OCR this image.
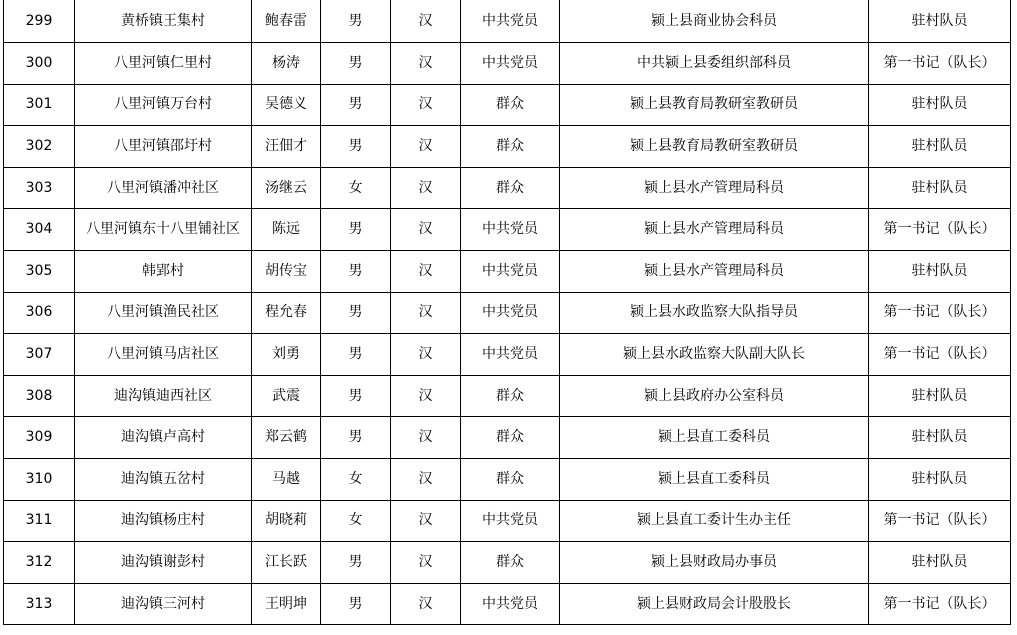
299	黄桥镇王集村	鲍春雷	男	汉	中共党员	颍上县商业协会科员	驻村队员
300	八里河镇仁里村	杨涛	男	汉	中共党员	中共颍上县委组织部科员	第一书记（队长）
301	八里河镇万台村	吴德义	男	汉	群众	颍上县教育局教研室教研员	驻村队员
302	八里河镇邵圩村	汪佃才	男	汉	群众	颍上县教育局教研室教研员	驻村队员
303	八里河镇潘冲社区	汤继云	女	汉	群众	颍上县水产管理局科员	驻村队员
304	八里河镇东十八里铺社区	陈远	男	汉	中共党员	颍上县水产管理局科员	第一书记（队长）
305	韩郢村	胡传宝	男	汉	中共党员	颍上县水产管理局科员	驻村队员
306	八里河镇渔民社区	程允春	男	汉	中共党员	颍上县水政监察大队指导员	第一书记（队长）
307	八里河镇马店社区	刘勇	男	汉	中共党员	颍上县水政监察大队副大队长	第一书记（队长）
308	迪沟镇迪西社区	武震	男	汉	群众	颍上县政府办公室科员	驻村队员
309	迪沟镇卢高村	郑云鹤	男	汉	群众	颍上县直工委科员	驻村队员
310	迪沟镇五岔村	马越	女	汉	群众	颍上县直工委科员	驻村队员
311	迪沟镇杨庄村	胡晓莉	女	汉	中共党员	颍上县直工委计生办主任	第一书记（队长）
312	迪沟镇谢彭村	江长跃	男	汉	群众	颍上县财政局办事员	驻村队员
313	迪沟镇三河村	王明坤	男	汉	中共党员	颍上县财政局会计股股长	第一书记（队长）
